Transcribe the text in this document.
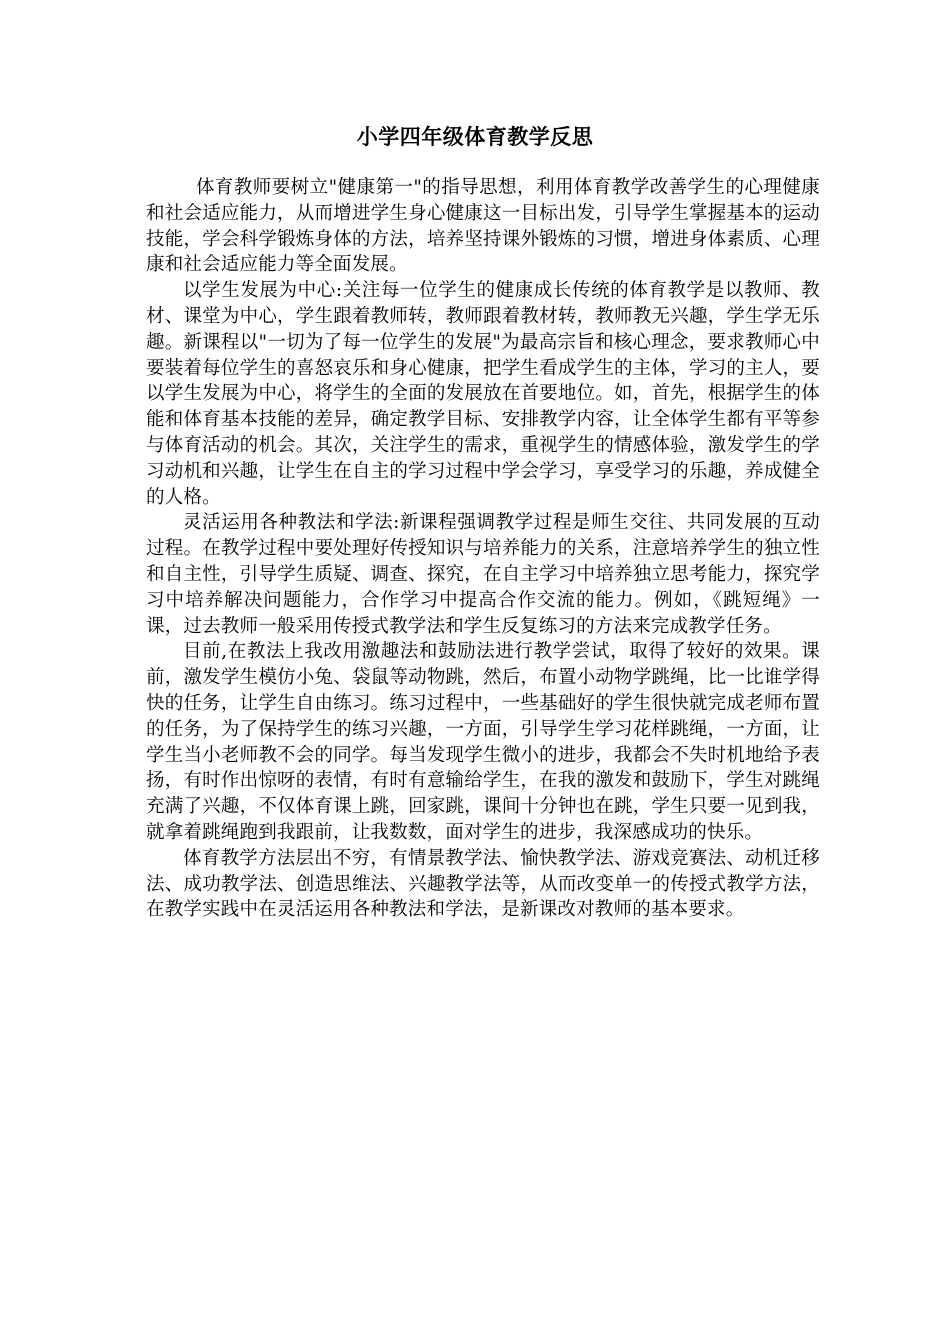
小学四年级体育教学反思

体育教师要树立"健康第一"的指导思想，利用体育教学改善学生的心理健康和社会适应能力，从而增进学生身心健康这一目标出发，引导学生掌握基本的运动技能，学会科学锻炼身体的方法，培养坚持课外锻炼的习惯，增进身体素质、心理康和社会适应能力等全面发展。

以学生发展为中心:关注每一位学生的健康成长传统的体育教学是以教师、教材、课堂为中心，学生跟着教师转，教师跟着教材转，教师教无兴趣，学生学无乐趣。新课程以"一切为了每一位学生的发展"为最高宗旨和核心理念，要求教师心中要装着每位学生的喜怒哀乐和身心健康，把学生看成学生的主体，学习的主人，要以学生发展为中心，将学生的全面的发展放在首要地位。如，首先，根据学生的体能和体育基本技能的差异，确定教学目标、安排教学内容，让全体学生都有平等参与体育活动的机会。其次，关注学生的需求，重视学生的情感体验，激发学生的学习动机和兴趣，让学生在自主的学习过程中学会学习，享受学习的乐趣，养成健全的人格。

灵活运用各种教法和学法:新课程强调教学过程是师生交往、共同发展的互动过程。在教学过程中要处理好传授知识与培养能力的关系，注意培养学生的独立性和自主性，引导学生质疑、调查、探究，在自主学习中培养独立思考能力，探究学习中培养解决问题能力，合作学习中提高合作交流的能力。例如，《跳短绳》一课，过去教师一般采用传授式教学法和学生反复练习的方法来完成教学任务。

目前,在教法上我改用激趣法和鼓励法进行教学尝试，取得了较好的效果。课前，激发学生模仿小兔、袋鼠等动物跳，然后，布置小动物学跳绳，比一比谁学得快的任务，让学生自由练习。练习过程中，一些基础好的学生很快就完成老师布置的任务，为了保持学生的练习兴趣，一方面，引导学生学习花样跳绳，一方面，让学生当小老师教不会的同学。每当发现学生微小的进步，我都会不失时机地给予表扬，有时作出惊呀的表情，有时有意输给学生，在我的激发和鼓励下，学生对跳绳充满了兴趣，不仅体育课上跳，回家跳，课间十分钟也在跳，学生只要一见到我，就拿着跳绳跑到我跟前，让我数数，面对学生的进步，我深感成功的快乐。

体育教学方法层出不穷，有情景教学法、愉快教学法、游戏竞赛法、动机迁移法、成功教学法、创造思维法、兴趣教学法等，从而改变单一的传授式教学方法，在教学实践中在灵活运用各种教法和学法，是新课改对教师的基本要求。
